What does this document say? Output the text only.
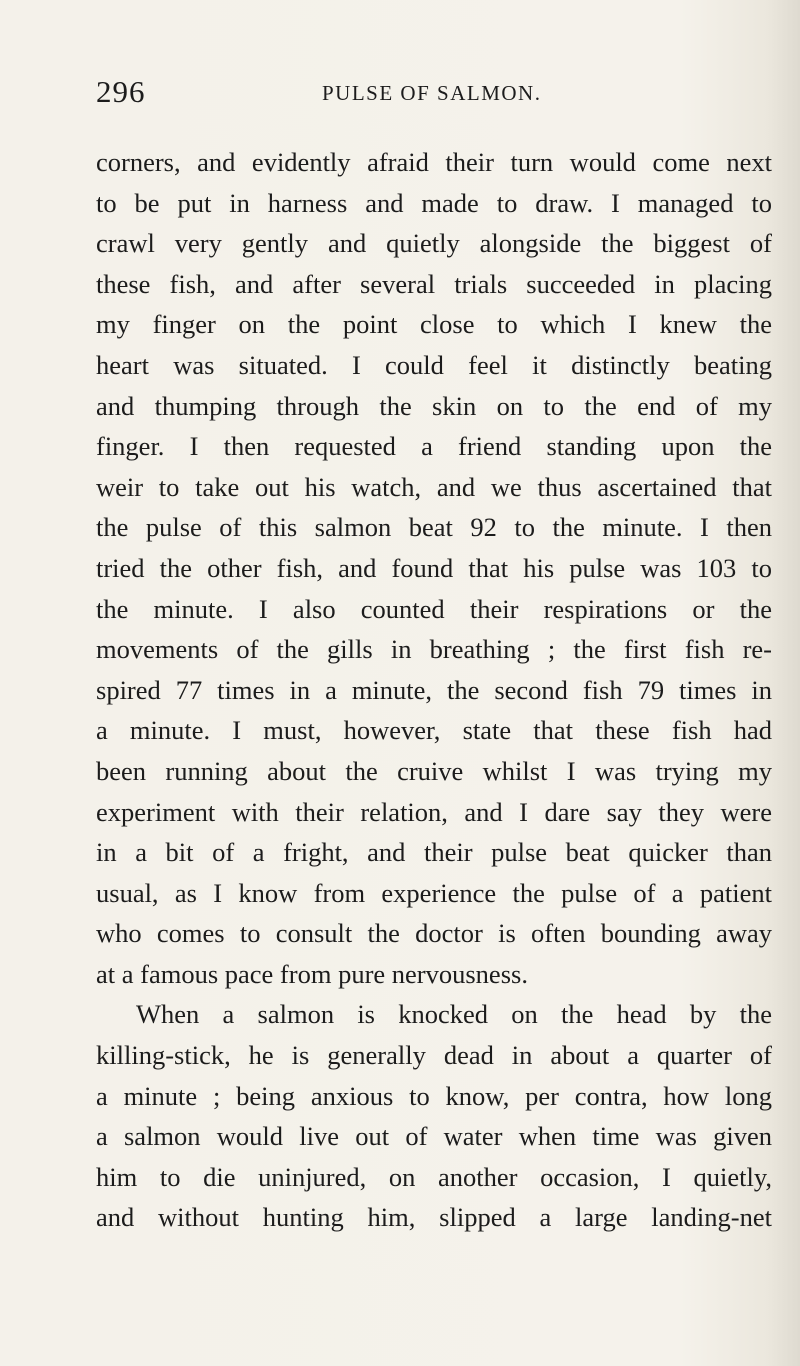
296	PULSE OF SALMON.
corners, and evidently afraid their turn would come next
to be put in harness and made to draw. I managed to
crawl very gently and quietly alongside the biggest of
these fish, and after several trials succeeded in placing
my finger on the point close to which I knew the
heart was situated. I could feel it distinctly beating
and thumping through the skin on to the end of my
finger. I then requested a friend standing upon the
weir to take out his watch, and we thus ascertained that
the pulse of this salmon beat 92 to the minute. I then
tried the other fish, and found that his pulse was 103 to
the minute. I also counted their respirations or the
movements of the gills in breathing ; the first fish re-
spired 77 times in a minute, the second fish 79 times in
a minute. I must, however, state that these fish had
been running about the cruive whilst I was trying my
experiment with their relation, and I dare say they were
in a bit of a fright, and their pulse beat quicker than
usual, as I know from experience the pulse of a patient
who comes to consult the doctor is often bounding away
at a famous pace from pure nervousness.
When a salmon is knocked on the head by the
killing-stick, he is generally dead in about a quarter of
a minute ; being anxious to know, per contra, how long
a salmon would live out of water when time was given
him to die uninjured, on another occasion, I quietly,
and without hunting him, slipped a large landing-net
